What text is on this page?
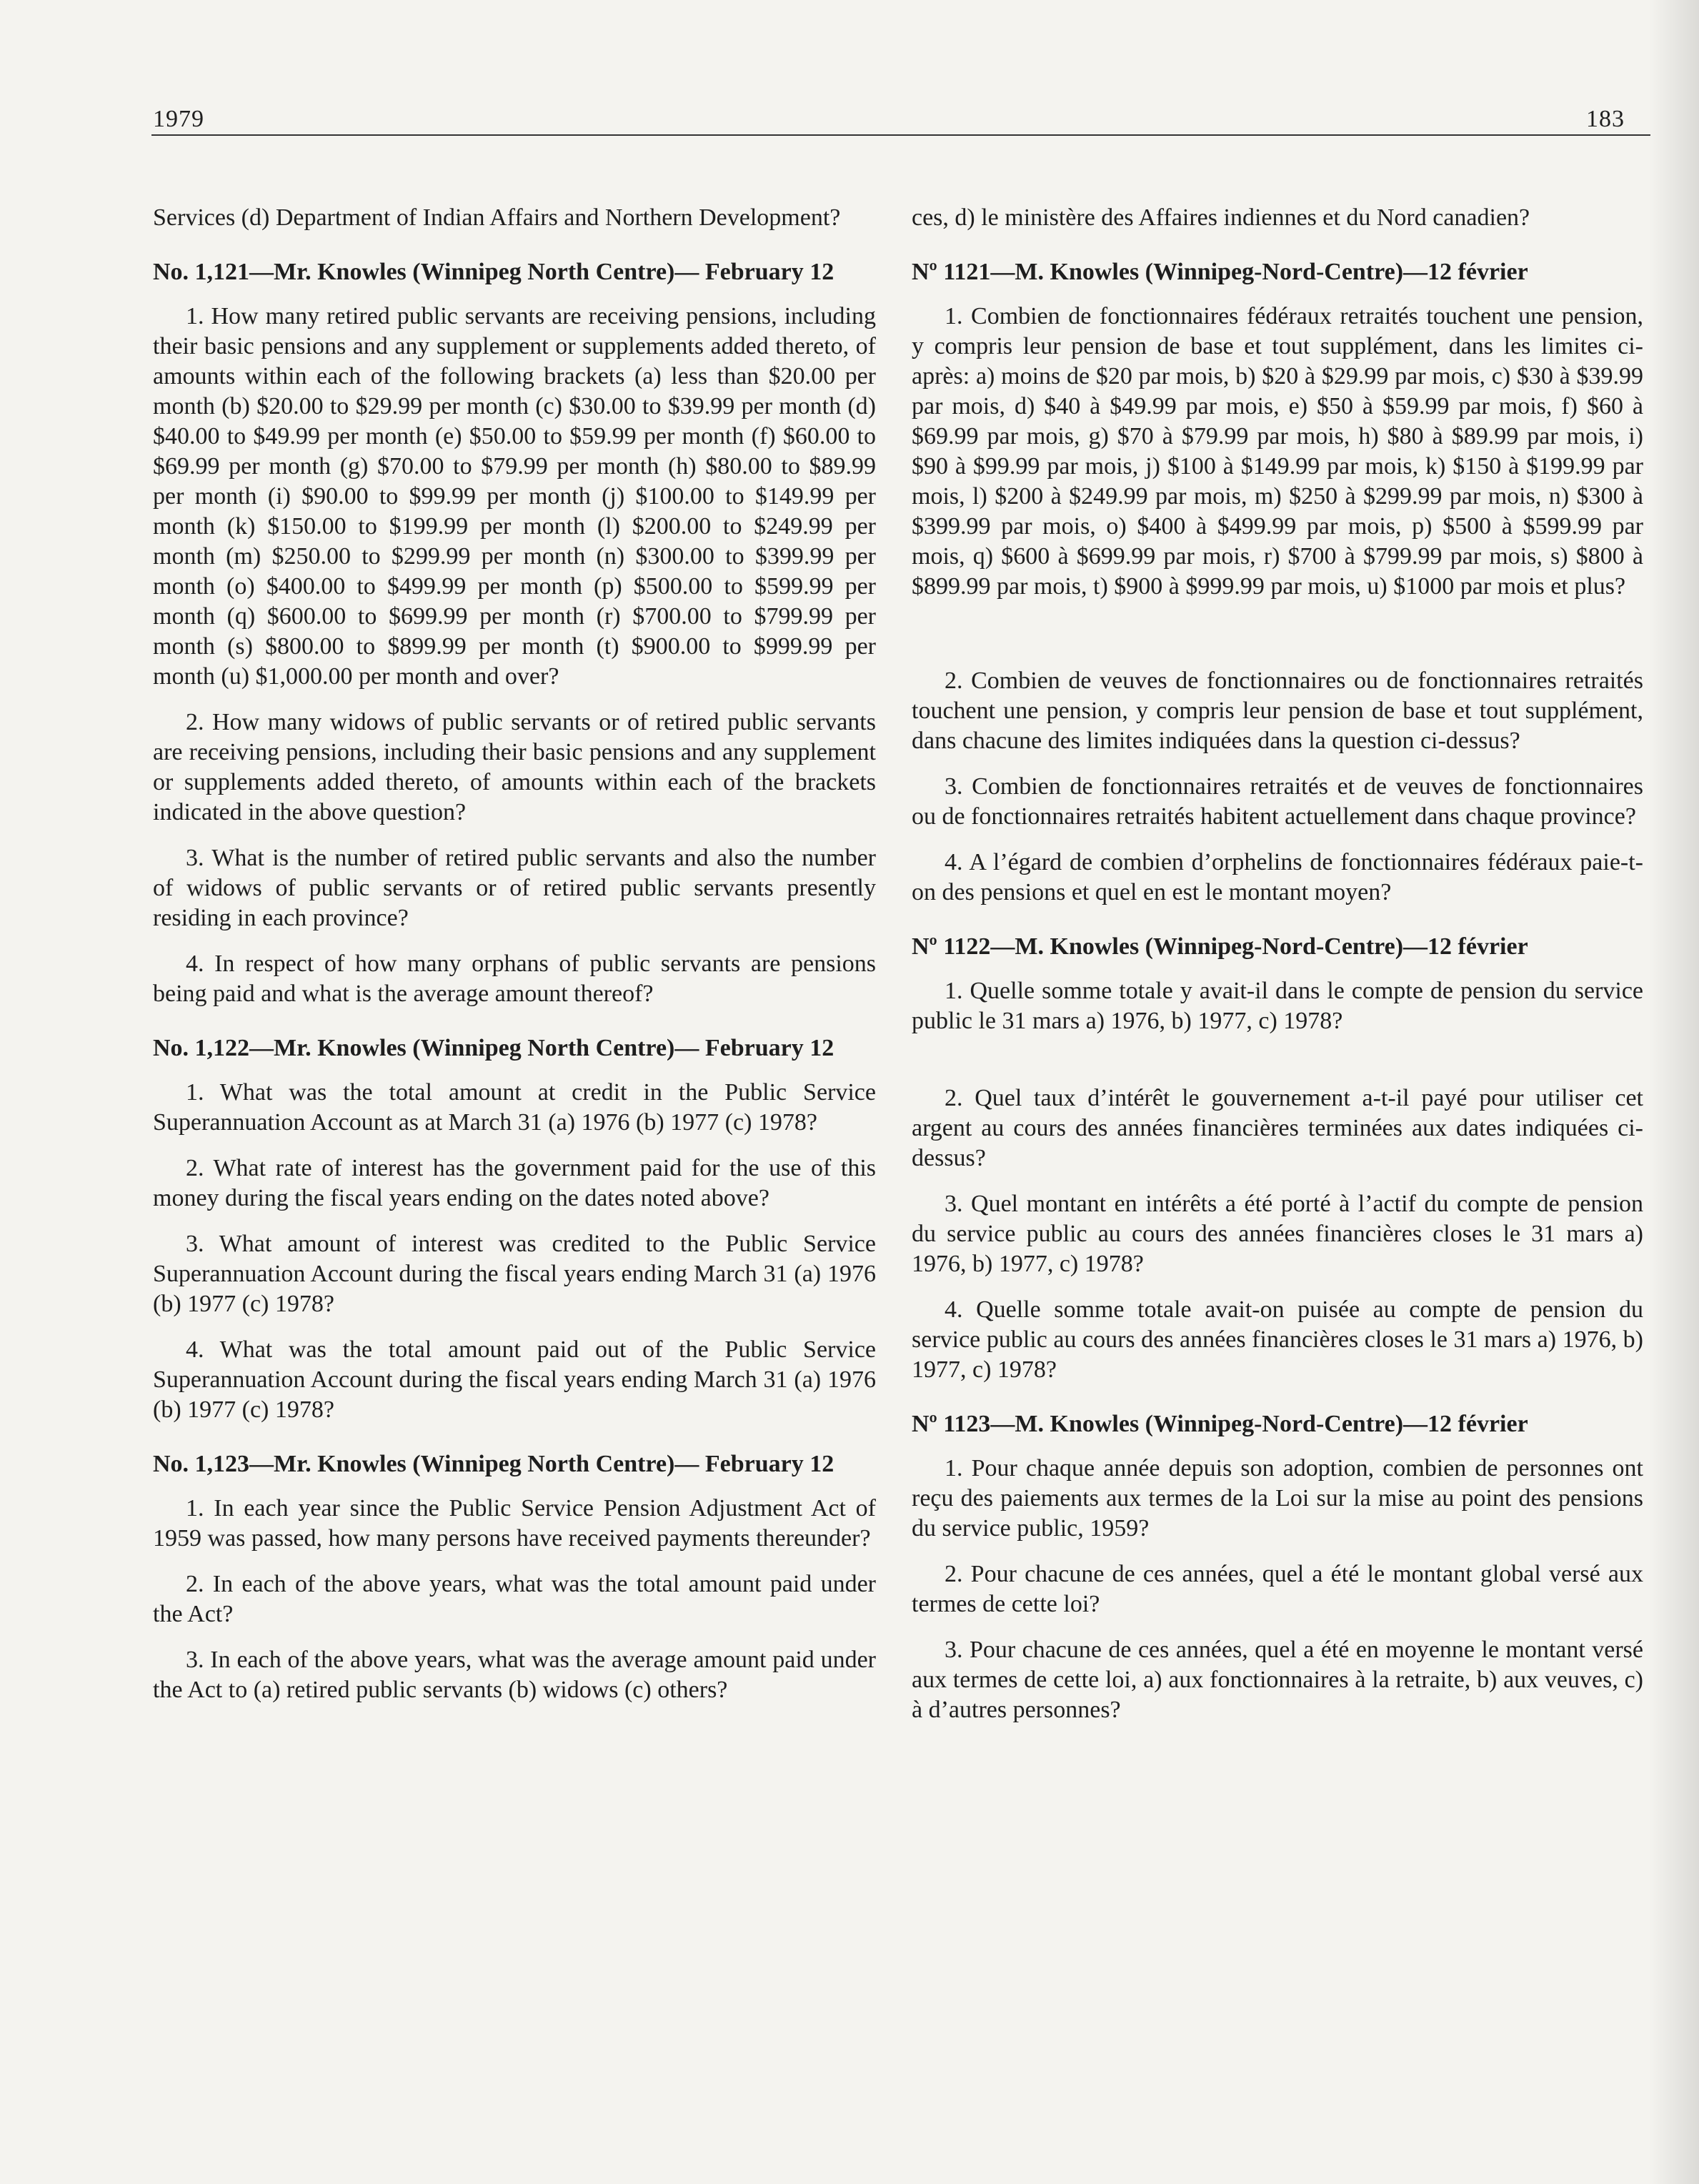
1979	183

Services (d) Department of Indian Affairs and Northern Development?

No. 1,121—Mr. Knowles (Winnipeg North Centre)— February 12

1. How many retired public servants are receiving pensions, including their basic pensions and any supplement or supplements added thereto, of amounts within each of the following brackets (a) less than $20.00 per month (b) $20.00 to $29.99 per month (c) $30.00 to $39.99 per month (d) $40.00 to $49.99 per month (e) $50.00 to $59.99 per month (f) $60.00 to $69.99 per month (g) $70.00 to $79.99 per month (h) $80.00 to $89.99 per month (i) $90.00 to $99.99 per month (j) $100.00 to $149.99 per month (k) $150.00 to $199.99 per month (l) $200.00 to $249.99 per month (m) $250.00 to $299.99 per month (n) $300.00 to $399.99 per month (o) $400.00 to $499.99 per month (p) $500.00 to $599.99 per month (q) $600.00 to $699.99 per month (r) $700.00 to $799.99 per month (s) $800.00 to $899.99 per month (t) $900.00 to $999.99 per month (u) $1,000.00 per month and over?

2. How many widows of public servants or of retired public servants are receiving pensions, including their basic pensions and any supplement or supplements added thereto, of amounts within each of the brackets indicated in the above question?

3. What is the number of retired public servants and also the number of widows of public servants or of retired public servants presently residing in each province?

4. In respect of how many orphans of public servants are pensions being paid and what is the average amount thereof?

No. 1,122—Mr. Knowles (Winnipeg North Centre)— February 12

1. What was the total amount at credit in the Public Service Superannuation Account as at March 31 (a) 1976 (b) 1977 (c) 1978?

2. What rate of interest has the government paid for the use of this money during the fiscal years ending on the dates noted above?

3. What amount of interest was credited to the Public Service Superannuation Account during the fiscal years ending March 31 (a) 1976 (b) 1977 (c) 1978?

4. What was the total amount paid out of the Public Service Superannuation Account during the fiscal years ending March 31 (a) 1976 (b) 1977 (c) 1978?

No. 1,123—Mr. Knowles (Winnipeg North Centre)— February 12

1. In each year since the Public Service Pension Adjustment Act of 1959 was passed, how many persons have received payments thereunder?

2. In each of the above years, what was the total amount paid under the Act?

3. In each of the above years, what was the average amount paid under the Act to (a) retired public servants (b) widows (c) others?

ces, d) le ministère des Affaires indiennes et du Nord canadien?

Nº 1121—M. Knowles (Winnipeg-Nord-Centre)—12 février

1. Combien de fonctionnaires fédéraux retraités touchent une pension, y compris leur pension de base et tout supplément, dans les limites ci-après: a) moins de $20 par mois, b) $20 à $29.99 par mois, c) $30 à $39.99 par mois, d) $40 à $49.99 par mois, e) $50 à $59.99 par mois, f) $60 à $69.99 par mois, g) $70 à $79.99 par mois, h) $80 à $89.99 par mois, i) $90 à $99.99 par mois, j) $100 à $149.99 par mois, k) $150 à $199.99 par mois, l) $200 à $249.99 par mois, m) $250 à $299.99 par mois, n) $300 à $399.99 par mois, o) $400 à $499.99 par mois, p) $500 à $599.99 par mois, q) $600 à $699.99 par mois, r) $700 à $799.99 par mois, s) $800 à $899.99 par mois, t) $900 à $999.99 par mois, u) $1000 par mois et plus?

2. Combien de veuves de fonctionnaires ou de fonctionnaires retraités touchent une pension, y compris leur pension de base et tout supplément, dans chacune des limites indiquées dans la question ci-dessus?

3. Combien de fonctionnaires retraités et de veuves de fonctionnaires ou de fonctionnaires retraités habitent actuellement dans chaque province?

4. A l’égard de combien d’orphelins de fonctionnaires fédéraux paie-t-on des pensions et quel en est le montant moyen?

Nº 1122—M. Knowles (Winnipeg-Nord-Centre)—12 février

1. Quelle somme totale y avait-il dans le compte de pension du service public le 31 mars a) 1976, b) 1977, c) 1978?

2. Quel taux d’intérêt le gouvernement a-t-il payé pour utiliser cet argent au cours des années financières terminées aux dates indiquées ci-dessus?

3. Quel montant en intérêts a été porté à l’actif du compte de pension du service public au cours des années financières closes le 31 mars a) 1976, b) 1977, c) 1978?

4. Quelle somme totale avait-on puisée au compte de pension du service public au cours des années financières closes le 31 mars a) 1976, b) 1977, c) 1978?

Nº 1123—M. Knowles (Winnipeg-Nord-Centre)—12 février

1. Pour chaque année depuis son adoption, combien de personnes ont reçu des paiements aux termes de la Loi sur la mise au point des pensions du service public, 1959?

2. Pour chacune de ces années, quel a été le montant global versé aux termes de cette loi?

3. Pour chacune de ces années, quel a été en moyenne le montant versé aux termes de cette loi, a) aux fonctionnaires à la retraite, b) aux veuves, c) à d’autres personnes?
